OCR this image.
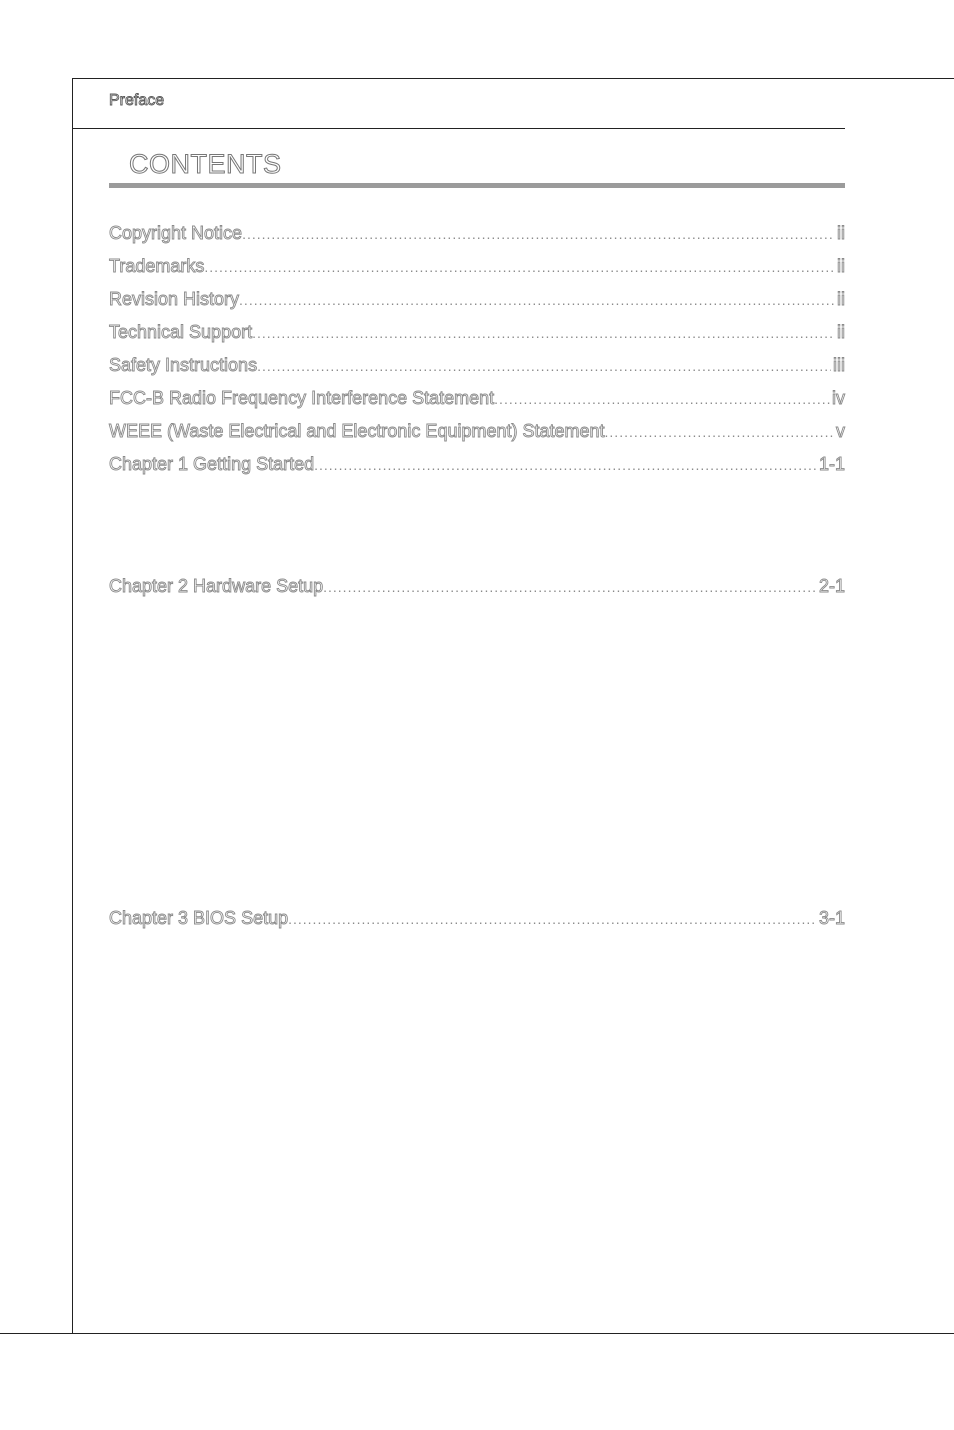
Preface
CONTENTS
Copyright Notice .....	ii
Trademarks .....	ii
Revision History .....	ii
Technical Support .....	ii
Safety Instructions .....	iii
FCC-B Radio Frequency Interference Statement .....	iv
WEEE (Waste Electrical and Electronic Equipment) Statement .....	v
Chapter 1 Getting Started .....	1-1
Chapter 2 Hardware Setup .....	2-1
Chapter 3 BIOS Setup .....	3-1
